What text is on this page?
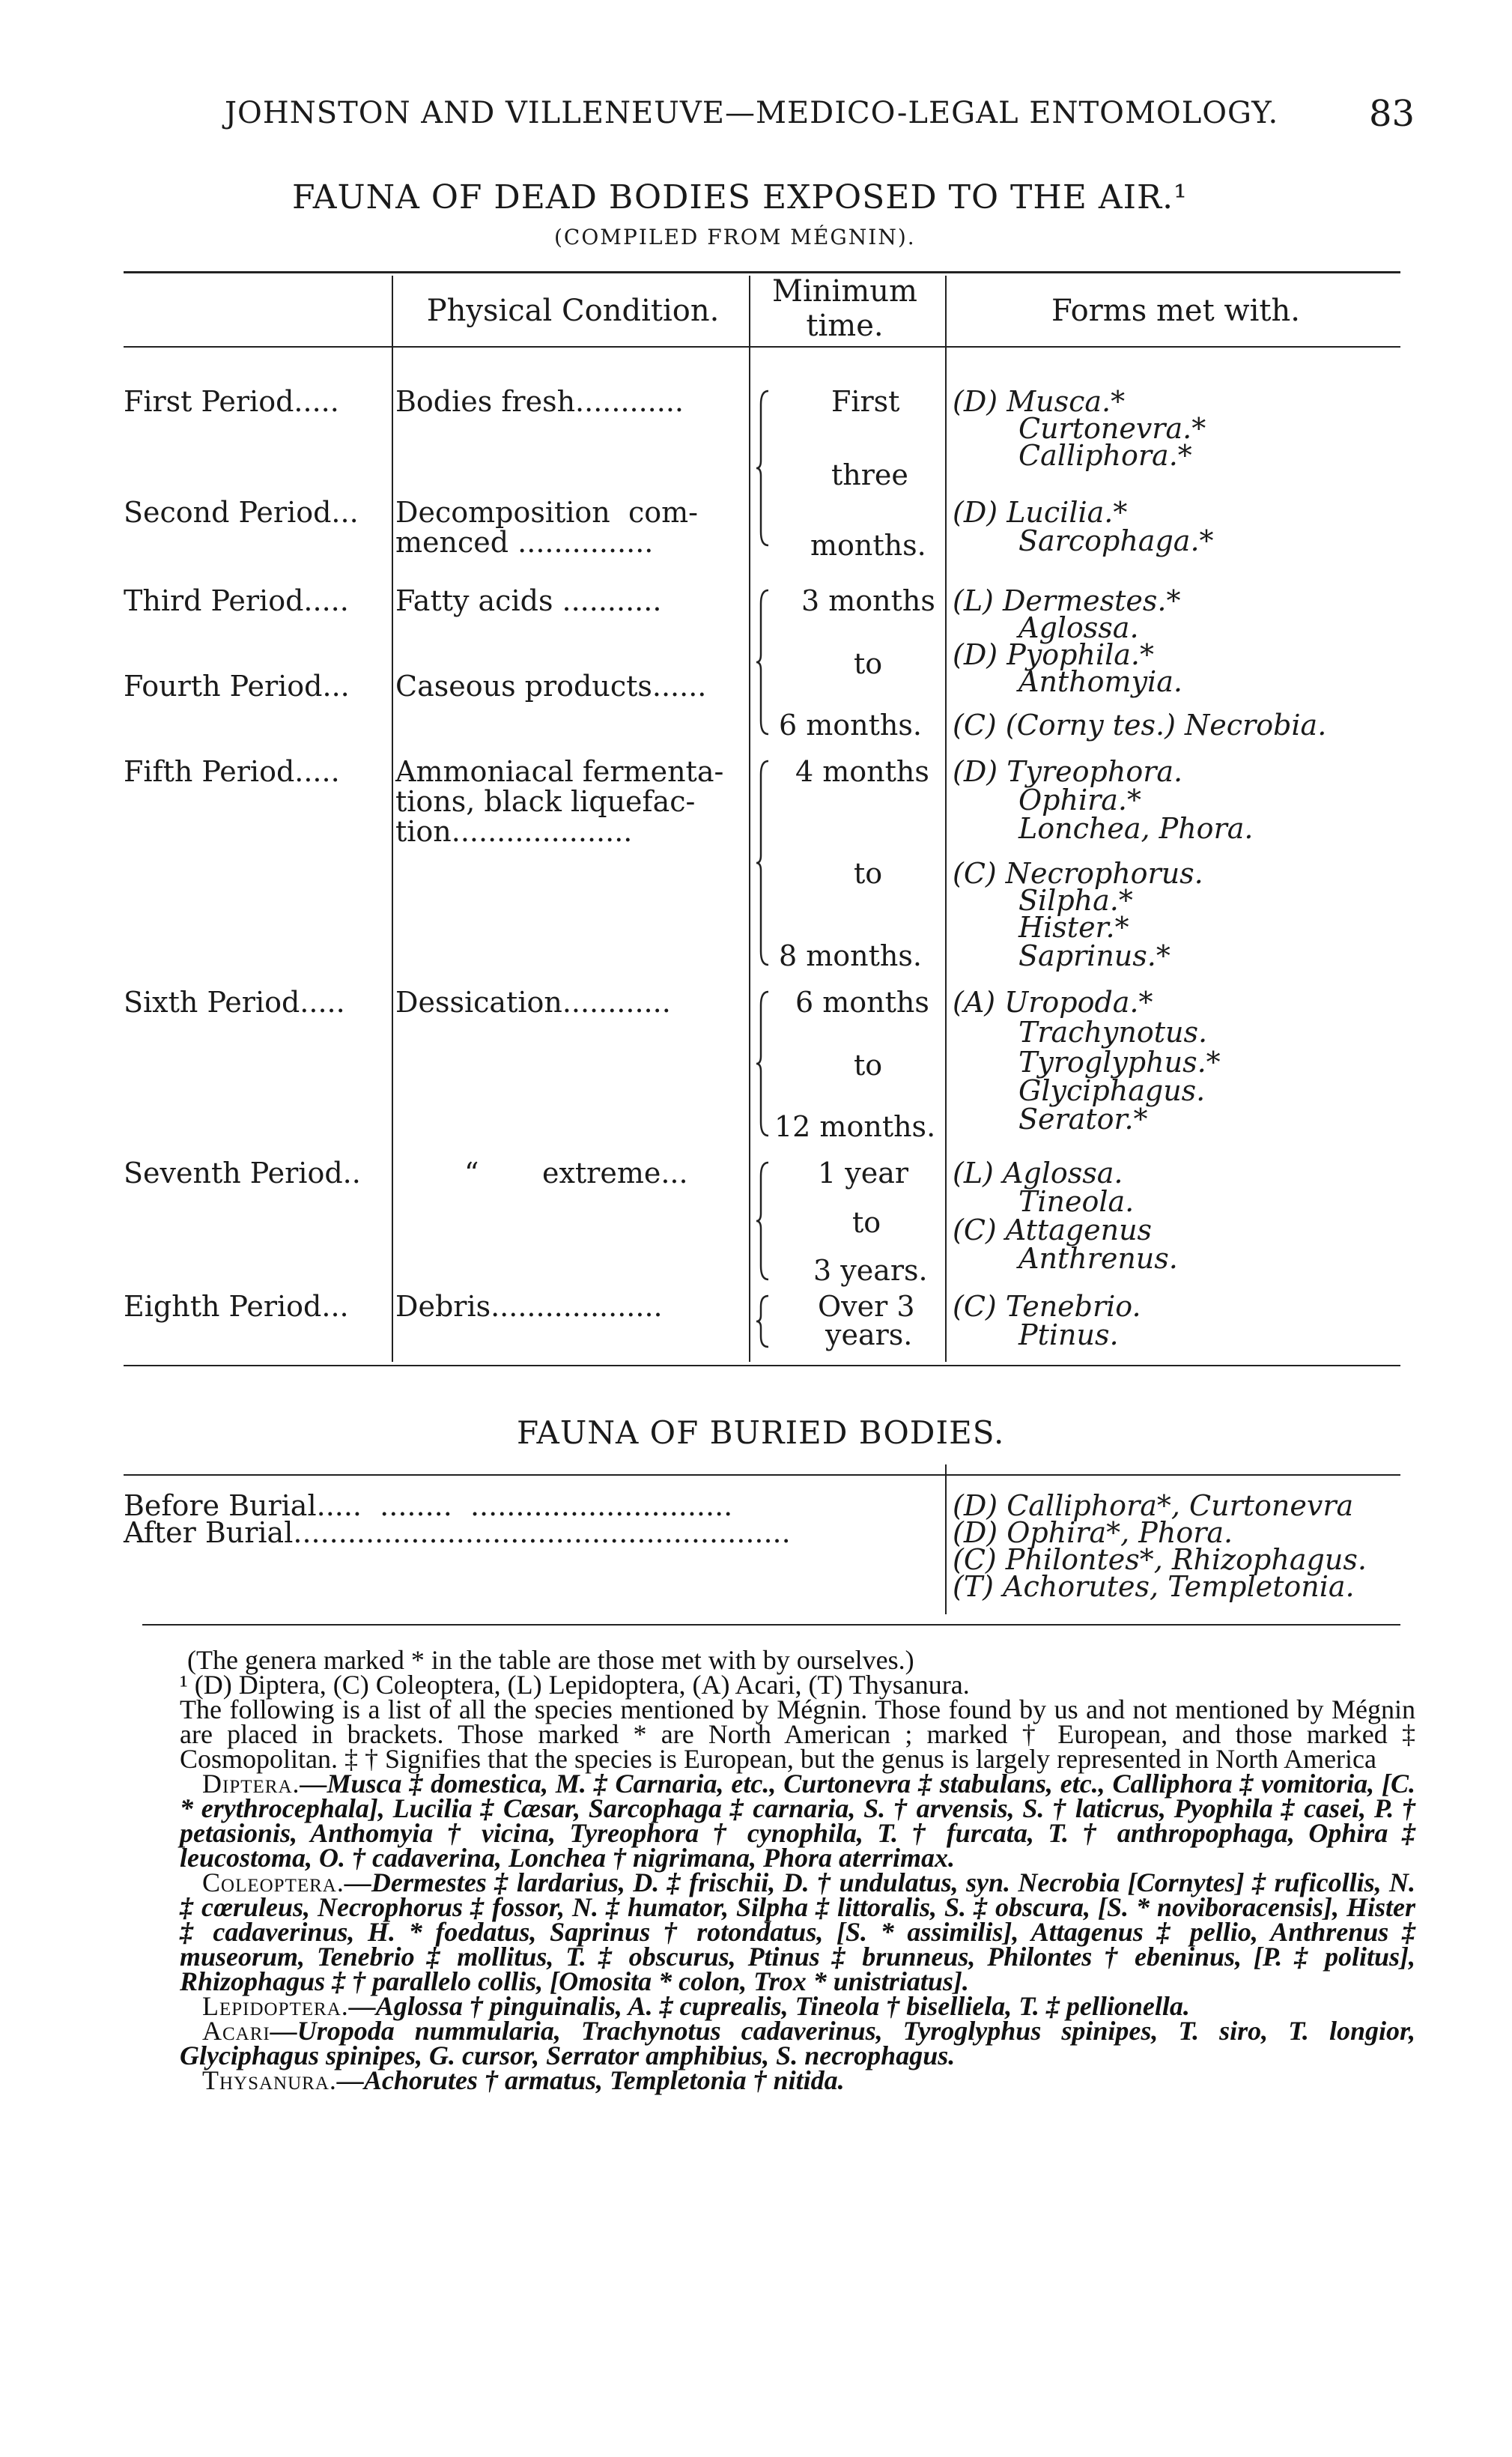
JOHNSTON AND VILLENEUVE—MEDICO-LEGAL ENTOMOLOGY.	83
FAUNA OF DEAD BODIES EXPOSED TO THE AIR.¹
(COMPILED FROM MÉGNIN).
Physical Condition.
Minimum time.	Forms met with.
First Period.....
Second Period...
Third Period.....
Fourth Period...
Fifth Period.....
Sixth Period.....
Seventh Period..
Eighth Period...
Bodies fresh............
Decomposition  com-
menced ...............
Fatty acids ...........
Caseous products......
Ammoniacal fermenta-
tions, black liquefac-
tion....................
Dessication............
“       extreme...
Debris...................
First
three
months.
3 months
to
6 months.
4 months
to
8 months.
6 months
to
12 months.
1 year
to
3 years.
Over 3
years.
(D) Musca.*
Curtonevra.*
Calliphora.*
(D) Lucilia.*
Sarcophaga.*
(L) Dermestes.*
Aglossa.
(D) Pyophila.*
Anthomyia.
(C) (Corny tes.) Necrobia.
(D) Tyreophora.
Ophira.*
Lonchea, Phora.
(C) Necrophorus.
Silpha.*
Hister.*
Saprinus.*
(A) Uropoda.*
Trachynotus.
Tyroglyphus.*
Glyciphagus.
Serator.*
(L) Aglossa.
Tineola.
(C) Attagenus
Anthrenus.
(C) Tenebrio.
Ptinus.
FAUNA OF BURIED BODIES.
Before Burial.....  ........  .............................
After Burial.......................................................
(D) Calliphora*, Curtonevra
(D) Ophira*, Phora.
(C) Philontes*, Rhizophagus.
(T) Achorutes, Templetonia.

(The genera marked * in the table are those met with by ourselves.)

¹ (D) Diptera, (C) Coleoptera, (L) Lepidoptera, (A) Acari, (T) Thysanura.

The following is a list of all the species mentioned by Mégnin. Those found by us and not mentioned by Mégnin are placed in brackets. Those marked * are North American ; marked † European, and those marked ‡ Cosmopolitan. ‡ † Signifies that the species is European, but the genus is largely represented in North America

Diptera.—Musca ‡ domestica, M. ‡ Carnaria, etc., Curtonevra ‡ stabulans, etc., Calliphora ‡ vomitoria, [C. * erythrocephala], Lucilia ‡ Cæsar, Sarcophaga ‡ carnaria, S. † arvensis, S. † laticrus, Pyophila ‡ casei, P. † petasionis, Anthomyia † vicina, Tyreophora † cynophila, T. † furcata, T. † anthropophaga, Ophira ‡ leucostoma, O. † cadaverina, Lonchea † nigrimana, Phora aterrimax.

Coleoptera.—Dermestes ‡ lardarius, D. ‡ frischii, D. † undulatus, syn. Necrobia [Cornytes] ‡ ruficollis, N. ‡ cœruleus, Necrophorus ‡ fossor, N. ‡ humator, Silpha ‡ littoralis, S. ‡ obscura, [S. * noviboracensis], Hister ‡ cadaverinus, H. * foedatus, Saprinus † rotondatus, [S. * assimilis], Attagenus ‡ pellio, Anthrenus ‡ museorum, Tenebrio ‡ mollitus, T. ‡ obscurus, Ptinus ‡ brunneus, Philontes † ebeninus, [P. ‡ politus], Rhizophagus ‡ † parallelo collis, [Omosita * colon, Trox * unistriatus].

Lepidoptera.—Aglossa † pinguinalis, A. ‡ cuprealis, Tineola † biselliela, T. ‡ pellionella.

Acari—Uropoda nummularia, Trachynotus cadaverinus, Tyroglyphus spinipes, T. siro, T. longior, Glyciphagus spinipes, G. cursor, Serrator amphibius, S. necrophagus.

Thysanura.—Achorutes † armatus, Templetonia † nitida.
